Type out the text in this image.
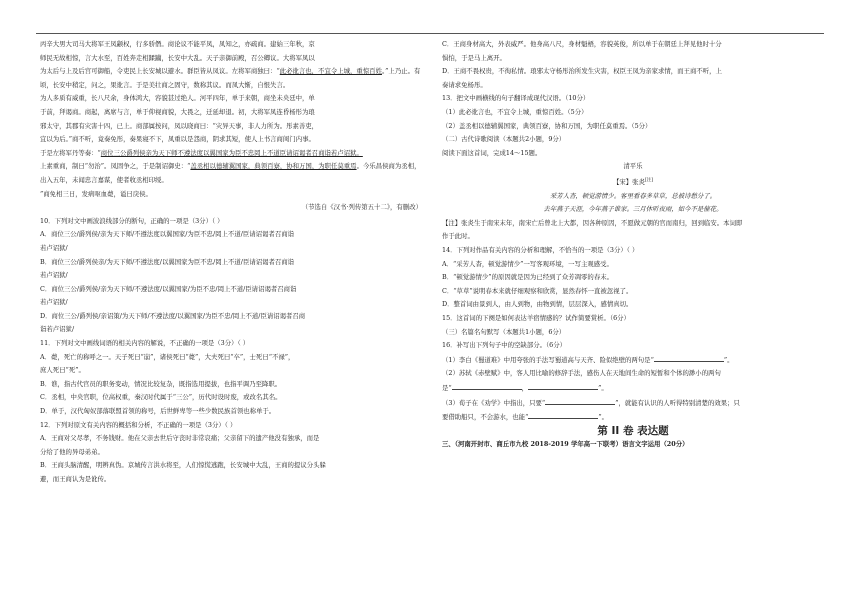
丙辛大男大司马大将军王凤颛权，行多骄僭。商论议不能平凤，凤知之，亦疏商。建始三年秋，京

师民无故相惊，言大水至，百姓奔走相蹂躏，长安中大乱。天子亲御前殿，召公卿议。大将军凤以

为太后与上及后宫可御船，令吏民上长安城以避水。群臣皆从凤议。左将军商独曰：“此必讹言也，不宜令上城，重惊百姓。”上乃止。有顷，长安中稍定，问之，果讹言。于是美壮商之固守，数称其议。而凤大惭，自恨失言。

为人多质有威重，长八尺余，身体鸿大，容貌甚过绝人。河平四年，单于来朝，商坐未央廷中，单

于前，拜谒商。商起，离席与言，单于仰视商貌，大畏之，迁延却退。初，大将军凤连昏杨彤为琅

邪太守，其郡有灾害十四，已上。商部属按问，凤以晓商曰：“灾异天事，非人力所为。彤素善吏，

宜以为后。”商不听，竟奏免彤，奏果寝不下，凤重以是怨商，阴求其短，使人上书言商闺门内事。

于是左将军丹等奏：“商位三公爵列侯亲为天下师不遵法度以翼国家为臣不忠罔上不道臣请诏谒者召商诣若卢诏狱。

上素重商，制曰“勿治”。凤固争之，于是制诏御史：“盖丞相以德辅翼国家，典领百寮，协和万国，为职任莫重焉。今乐昌侯商为丞相，出入五年，未闻忠言嘉谋，使者收丞相印绶。

”商免相三日，发病呕血薨，谥曰戾侯。

（节选自《汉书·列传第五十二》，有删改）

10．下列对文中画波浪线部分的断句，正确的一项是（3分）（ ）

A．商位三公/爵列侯/亲为天下师/不遵法度以翼国家/为臣不忠/罔上不道/臣请诏谒者召商诣

若卢诏狱/

B．商位三公/爵列侯亲/为天下师/不遵法度/以翼国家为臣不忠/罔上不道/臣请诏谒者召商诣

若卢诏狱/

C．商位三公/爵列侯/亲为天下师/不遵法度/以翼国家/为臣不忠/罔上不道/臣请诏谒者召商诣

若卢诏狱/

D．商位三公/爵列侯/亲诏策/为天下师/不遵法度/以翼国家/为臣不忠/罔上不道/臣请诏谒者召商

诣若卢诏狱/

11．下列对文中画线词语的相关内容的解说，不正确的一项是（3分）（ ）

A．薨，死亡的称呼之一。天子死曰“崩”，诸侯死曰“薨”，大夫死曰“卒”，士死曰“不禄”，

庶人死曰“死”。

B．谯，指古代官员的职务变动，情况比较复杂，既指选用提拔，也指平调乃至降职。

C．丞相，中央官职，位高权重，秦汉时代属于“三公”，历代时设时废，或改名其名。

D．单于，汉代匈奴部落联盟首领的称号，后世鲜卑等一些少数民族首领也称单于。

12．下列对原文有关内容的概括和分析，不正确的一项是（3分）（ ）

A．王商对父尽孝，不务钱财。他在父亲去世后守丧时非常哀痛；父亲留下的遗产他没有独承，而是

分给了他的异母弟弟。

B．王商头脑清醒，明辨真伪。京城传言洪水将至，人们惊慌逃跑，长安城中大乱，王商的提议分头躲

避，而王商认为是讹传。

C．王商身材高大，外表威严。他身高八尺，身材魁梧，容貌英俊，所以单于在朝廷上拜见他时十分

惧怕，于是马上离开。

D．王商不畏权贵，不徇私情。琅邪太守杨彤治所发生灾害，权臣王凤为亲家求情，而王商不听，上

奏请求免杨彤。

13．把文中画横线的句子翻译成现代汉语。（10分）

（1）此必讹言也，不宜令上城，重惊百姓。（5分）

（2）盖丞相以德辅翼国家，典领百寮，协和万国，为职任莫重焉。（5分）

（二）古代诗歌阅读（本题共2小题，9分）

阅读下面这首词，完成14～15题。

清平乐

【宋】张炎[注]

采芳人杳，顿觉游情少。客里看春多草草，总被诗愁分了。

去年燕子天涯，今年燕子谁家。三月休听夜雨，如今不是催花。

【注】张炎生于南宋末年，南宋亡后曾北上大都，因各种原因，不愿做元朝的官而南归，回到临安。本词即

作于此时。

14．下列对作品有关内容的分析和理解，不恰当的一项是（3分）（ ）

A．“采芳人杳，顿觉游情少”一写客观环境，一写主观感受。

B．“顿觉游情少”的原因就是因为已经到了众芳凋零的春末。

C．“草草”说明春本来就仔细观察和欣赏，显然春怀一直被忽视了。

D．整首词由景到人，由人到物，由物到情，层层深入，感情真切。

15．这首词的下阕是如何表达羊宿情感的？试作简要赏析。（6分）

（三）名篇名句默写（本题共1小题，6分）

16．补写出下列句子中的空缺部分。（6分）

（1）李白《蜀道难》中用夸张的手法写蜀道高与天齐、险似绝壁的两句是“	”。

（2）苏轼《赤壁赋》中，客人用比喻的修辞手法，感伤人在天地间生命的短暂和个体的渺小的两句

是“	，	”。

（3）荀子在《劝学》中指出，只要“	”，就能有认识的人听得特别清楚的效果；只

要借助船只，不会游水，也能“	”。

第 II 卷 表达题

三、（河南开封市、商丘市九校 2018-2019 学年高一下联考）语言文字运用（20分）
